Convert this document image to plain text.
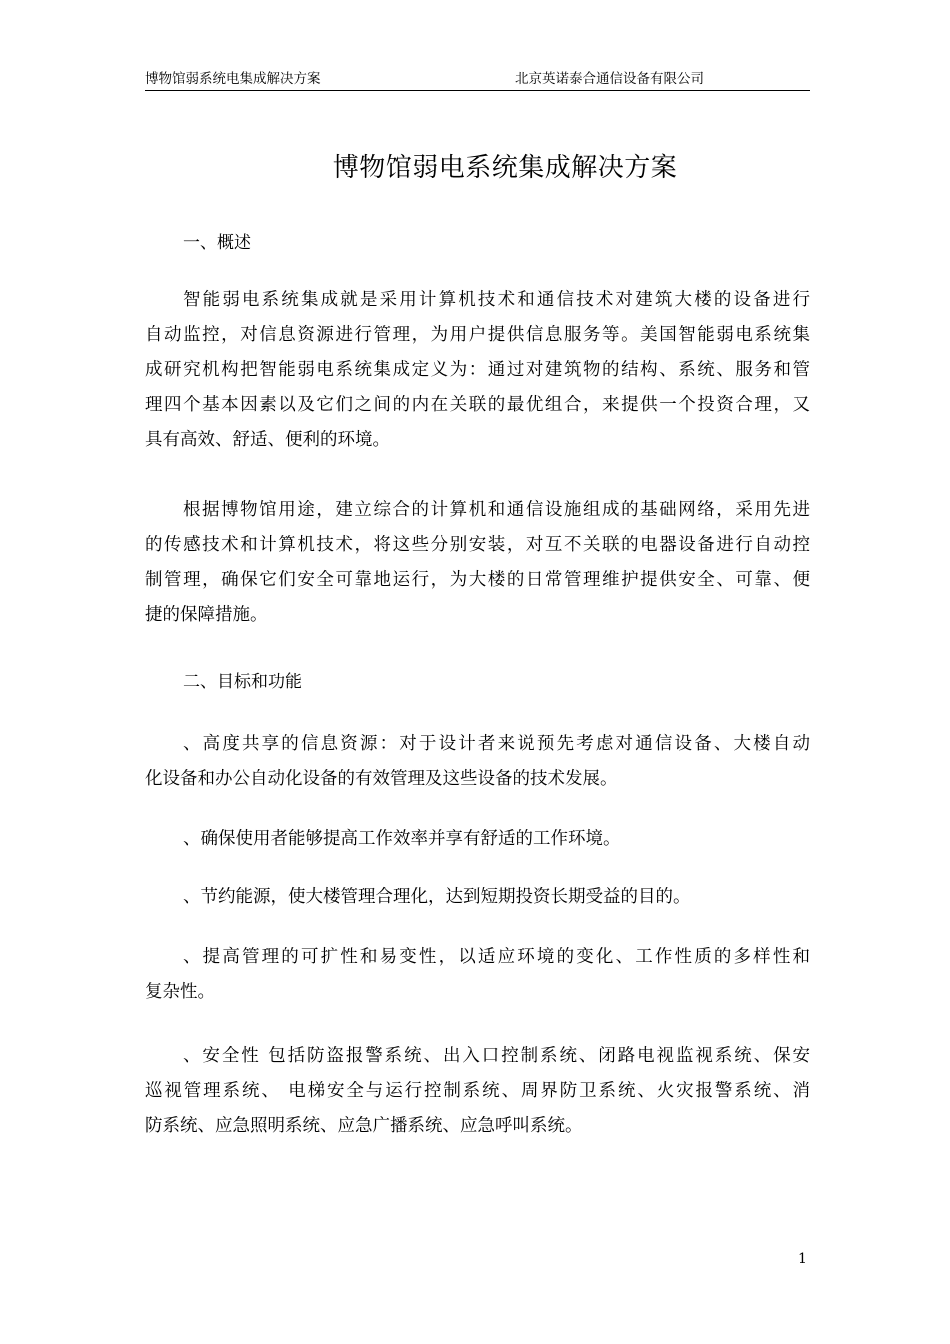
博物馆弱系统电集成解决方案	北京英诺泰合通信设备有限公司
博物馆弱电系统集成解决方案
一、概述
智能弱电系统集成就是采用计算机技术和通信技术对建筑大楼的设备进行
自动监控，对信息资源进行管理，为用户提供信息服务等。美国智能弱电系统集
成研究机构把智能弱电系统集成定义为：通过对建筑物的结构、系统、服务和管
理四个基本因素以及它们之间的内在关联的最优组合，来提供一个投资合理，又
具有高效、舒适、便利的环境。
根据博物馆用途，建立综合的计算机和通信设施组成的基础网络，采用先进
的传感技术和计算机技术，将这些分别安装，对互不关联的电器设备进行自动控
制管理，确保它们安全可靠地运行，为大楼的日常管理维护提供安全、可靠、便
捷的保障措施。
二、目标和功能
、高度共享的信息资源：对于设计者来说预先考虑对通信设备、大楼自动
化设备和办公自动化设备的有效管理及这些设备的技术发展。
、确保使用者能够提高工作效率并享有舒适的工作环境。
、节约能源，使大楼管理合理化，达到短期投资长期受益的目的。
、提高管理的可扩性和易变性，以适应环境的变化、工作性质的多样性和
复杂性。
、安全性 包括防盗报警系统、出入口控制系统、闭路电视监视系统、保安
巡视管理系统、 电梯安全与运行控制系统、周界防卫系统、火灾报警系统、消
防系统、应急照明系统、应急广播系统、应急呼叫系统。
1
